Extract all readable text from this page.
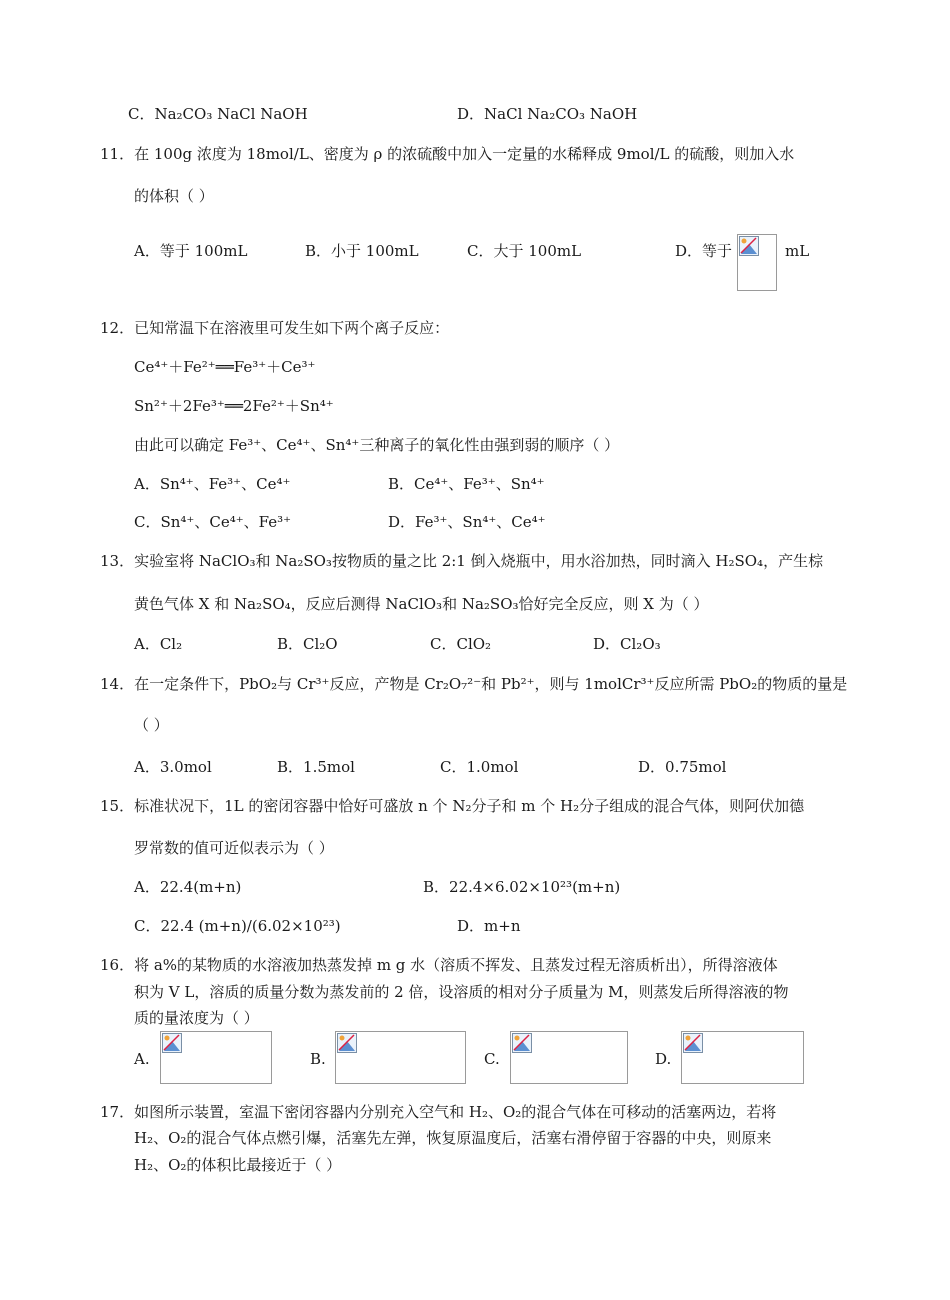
C．Na₂CO₃ NaCl NaOH	D．NaCl Na₂CO₃ NaOH
11．在 100g 浓度为 18mol/L、密度为 ρ 的浓硫酸中加入一定量的水稀释成 9mol/L 的硫酸，则加入水
的体积（ ）
A．等于 100mL	B．小于 100mL	C．大于 100mL	D．等于	mL
12．已知常温下在溶液里可发生如下两个离子反应：
Ce⁴⁺＋Fe²⁺══Fe³⁺＋Ce³⁺
Sn²⁺＋2Fe³⁺══2Fe²⁺＋Sn⁴⁺
由此可以确定 Fe³⁺、Ce⁴⁺、Sn⁴⁺三种离子的氧化性由强到弱的顺序（ ）
A．Sn⁴⁺、Fe³⁺、Ce⁴⁺	B．Ce⁴⁺、Fe³⁺、Sn⁴⁺
C．Sn⁴⁺、Ce⁴⁺、Fe³⁺	D．Fe³⁺、Sn⁴⁺、Ce⁴⁺
13．实验室将 NaClO₃和 Na₂SO₃按物质的量之比 2:1 倒入烧瓶中，用水浴加热，同时滴入 H₂SO₄，产生棕
黄色气体 X 和 Na₂SO₄，反应后测得 NaClO₃和 Na₂SO₃恰好完全反应，则 X 为（ ）
A．Cl₂	B．Cl₂O	C．ClO₂	D．Cl₂O₃
14．在一定条件下，PbO₂与 Cr³⁺反应，产物是 Cr₂O₇²⁻和 Pb²⁺，则与 1molCr³⁺反应所需 PbO₂的物质的量是
（ ）
A．3.0mol	B．1.5mol	C．1.0mol	D．0.75mol
15．标准状况下，1L 的密闭容器中恰好可盛放 n 个 N₂分子和 m 个 H₂分子组成的混合气体，则阿伏加德
罗常数的值可近似表示为（ ）
A．22.4(m+n)	B．22.4×6.02×10²³(m+n)
C．22.4 (m+n)/(6.02×10²³)	D．m+n
16．将 a%的某物质的水溶液加热蒸发掉 m g 水（溶质不挥发、且蒸发过程无溶质析出），所得溶液体
积为 V L，溶质的质量分数为蒸发前的 2 倍，设溶质的相对分子质量为 M，则蒸发后所得溶液的物
质的量浓度为（ ）
A.	B.	C.	D.
17．如图所示装置，室温下密闭容器内分别充入空气和 H₂、O₂的混合气体在可移动的活塞两边，若将
H₂、O₂的混合气体点燃引爆，活塞先左弹，恢复原温度后，活塞右滑停留于容器的中央，则原来
H₂、O₂的体积比最接近于（ ）
